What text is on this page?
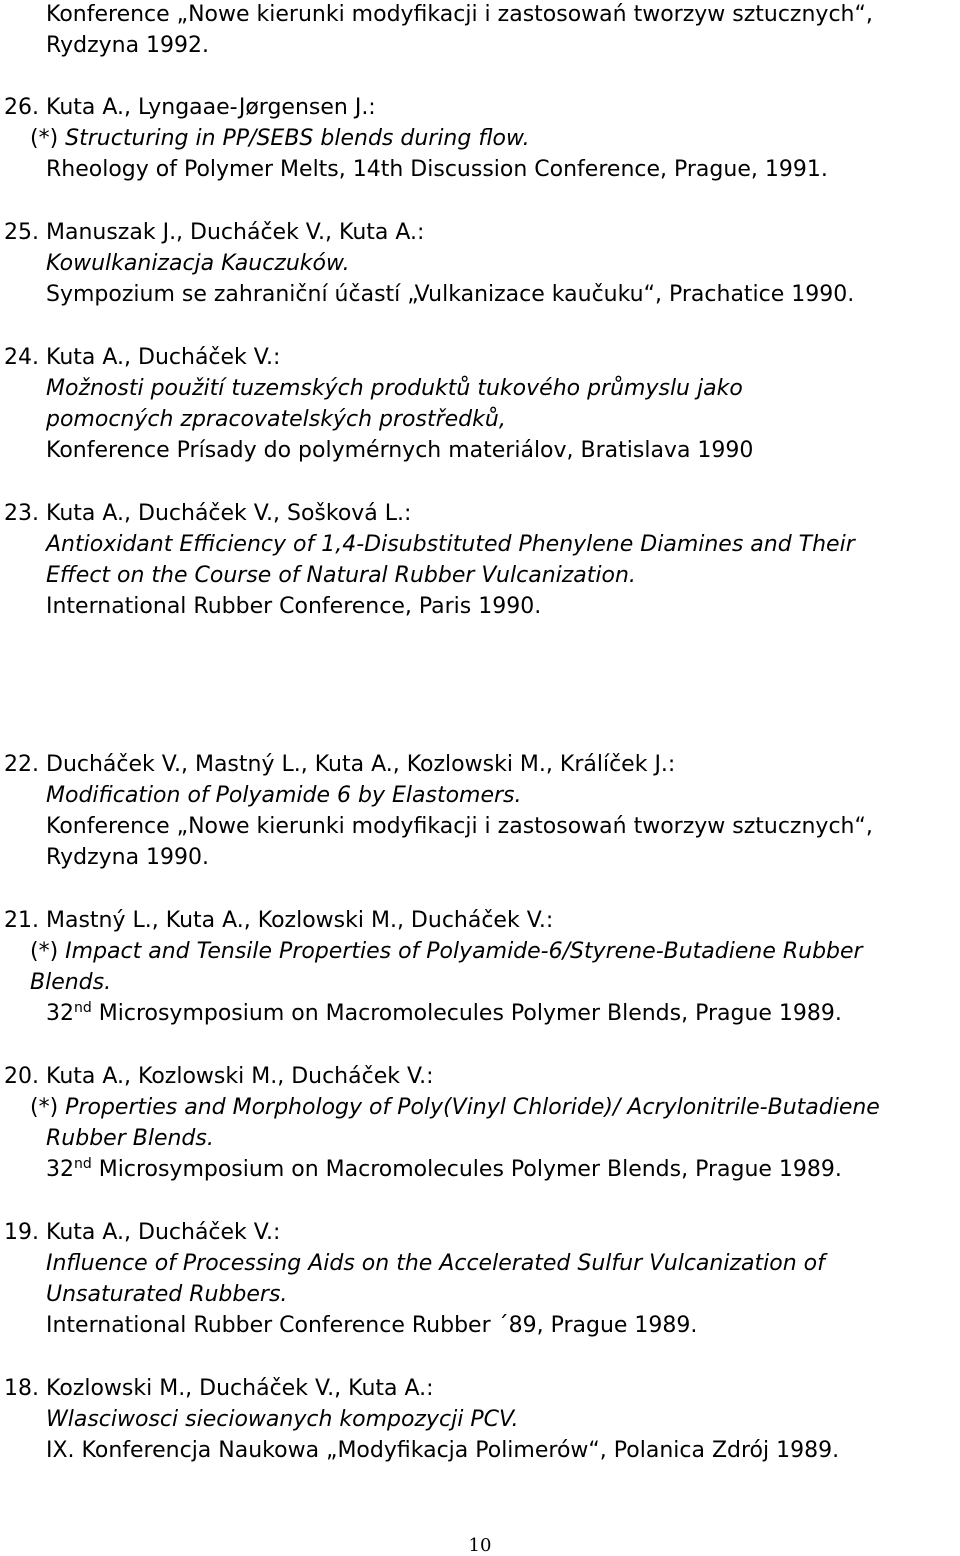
Konference „Nowe kierunki modyfikacji i zastosowań tworzyw sztucznych“,
Rydzyna 1992.
26. Kuta A., Lyngaae-Jørgensen J.:
(*) Structuring in PP/SEBS blends during flow.
Rheology of Polymer Melts, 14th Discussion Conference, Prague, 1991.
25. Manuszak J., Ducháček V., Kuta A.:
Kowulkanizacja Kauczuków.
Sympozium se zahraniční účastí „Vulkanizace kaučuku“, Prachatice 1990.
24. Kuta A., Ducháček V.:
Možnosti použití tuzemských produktů tukového průmyslu jako
pomocných zpracovatelských prostředků,
Konference Prísady do polymérnych materiálov, Bratislava 1990
23. Kuta A., Ducháček V., Sošková L.:
Antioxidant Efficiency of 1,4-Disubstituted Phenylene Diamines and Their
Effect on the Course of Natural Rubber Vulcanization.
International Rubber Conference, Paris 1990.
22. Ducháček V., Mastný L., Kuta A., Kozlowski M., Králíček J.:
Modification of Polyamide 6 by Elastomers.
Konference „Nowe kierunki modyfikacji i zastosowań tworzyw sztucznych“,
Rydzyna 1990.
21. Mastný L., Kuta A., Kozlowski M., Ducháček V.:
(*) Impact and Tensile Properties of Polyamide-6/Styrene-Butadiene Rubber
Blends.
32nd Microsymposium on Macromolecules Polymer Blends, Prague 1989.
20. Kuta A., Kozlowski M., Ducháček V.:
(*) Properties and Morphology of Poly(Vinyl Chloride)/ Acrylonitrile-Butadiene
Rubber Blends.
32nd Microsymposium on Macromolecules Polymer Blends, Prague 1989.
19. Kuta A., Ducháček V.:
Influence of Processing Aids on the Accelerated Sulfur Vulcanization of
Unsaturated Rubbers.
International Rubber Conference Rubber ´89, Prague 1989.
18. Kozlowski M., Ducháček V., Kuta A.:
Wlasciwosci sieciowanych kompozycji PCV.
IX. Konferencja Naukowa „Modyfikacja Polimerów“, Polanica Zdrój 1989.
10
